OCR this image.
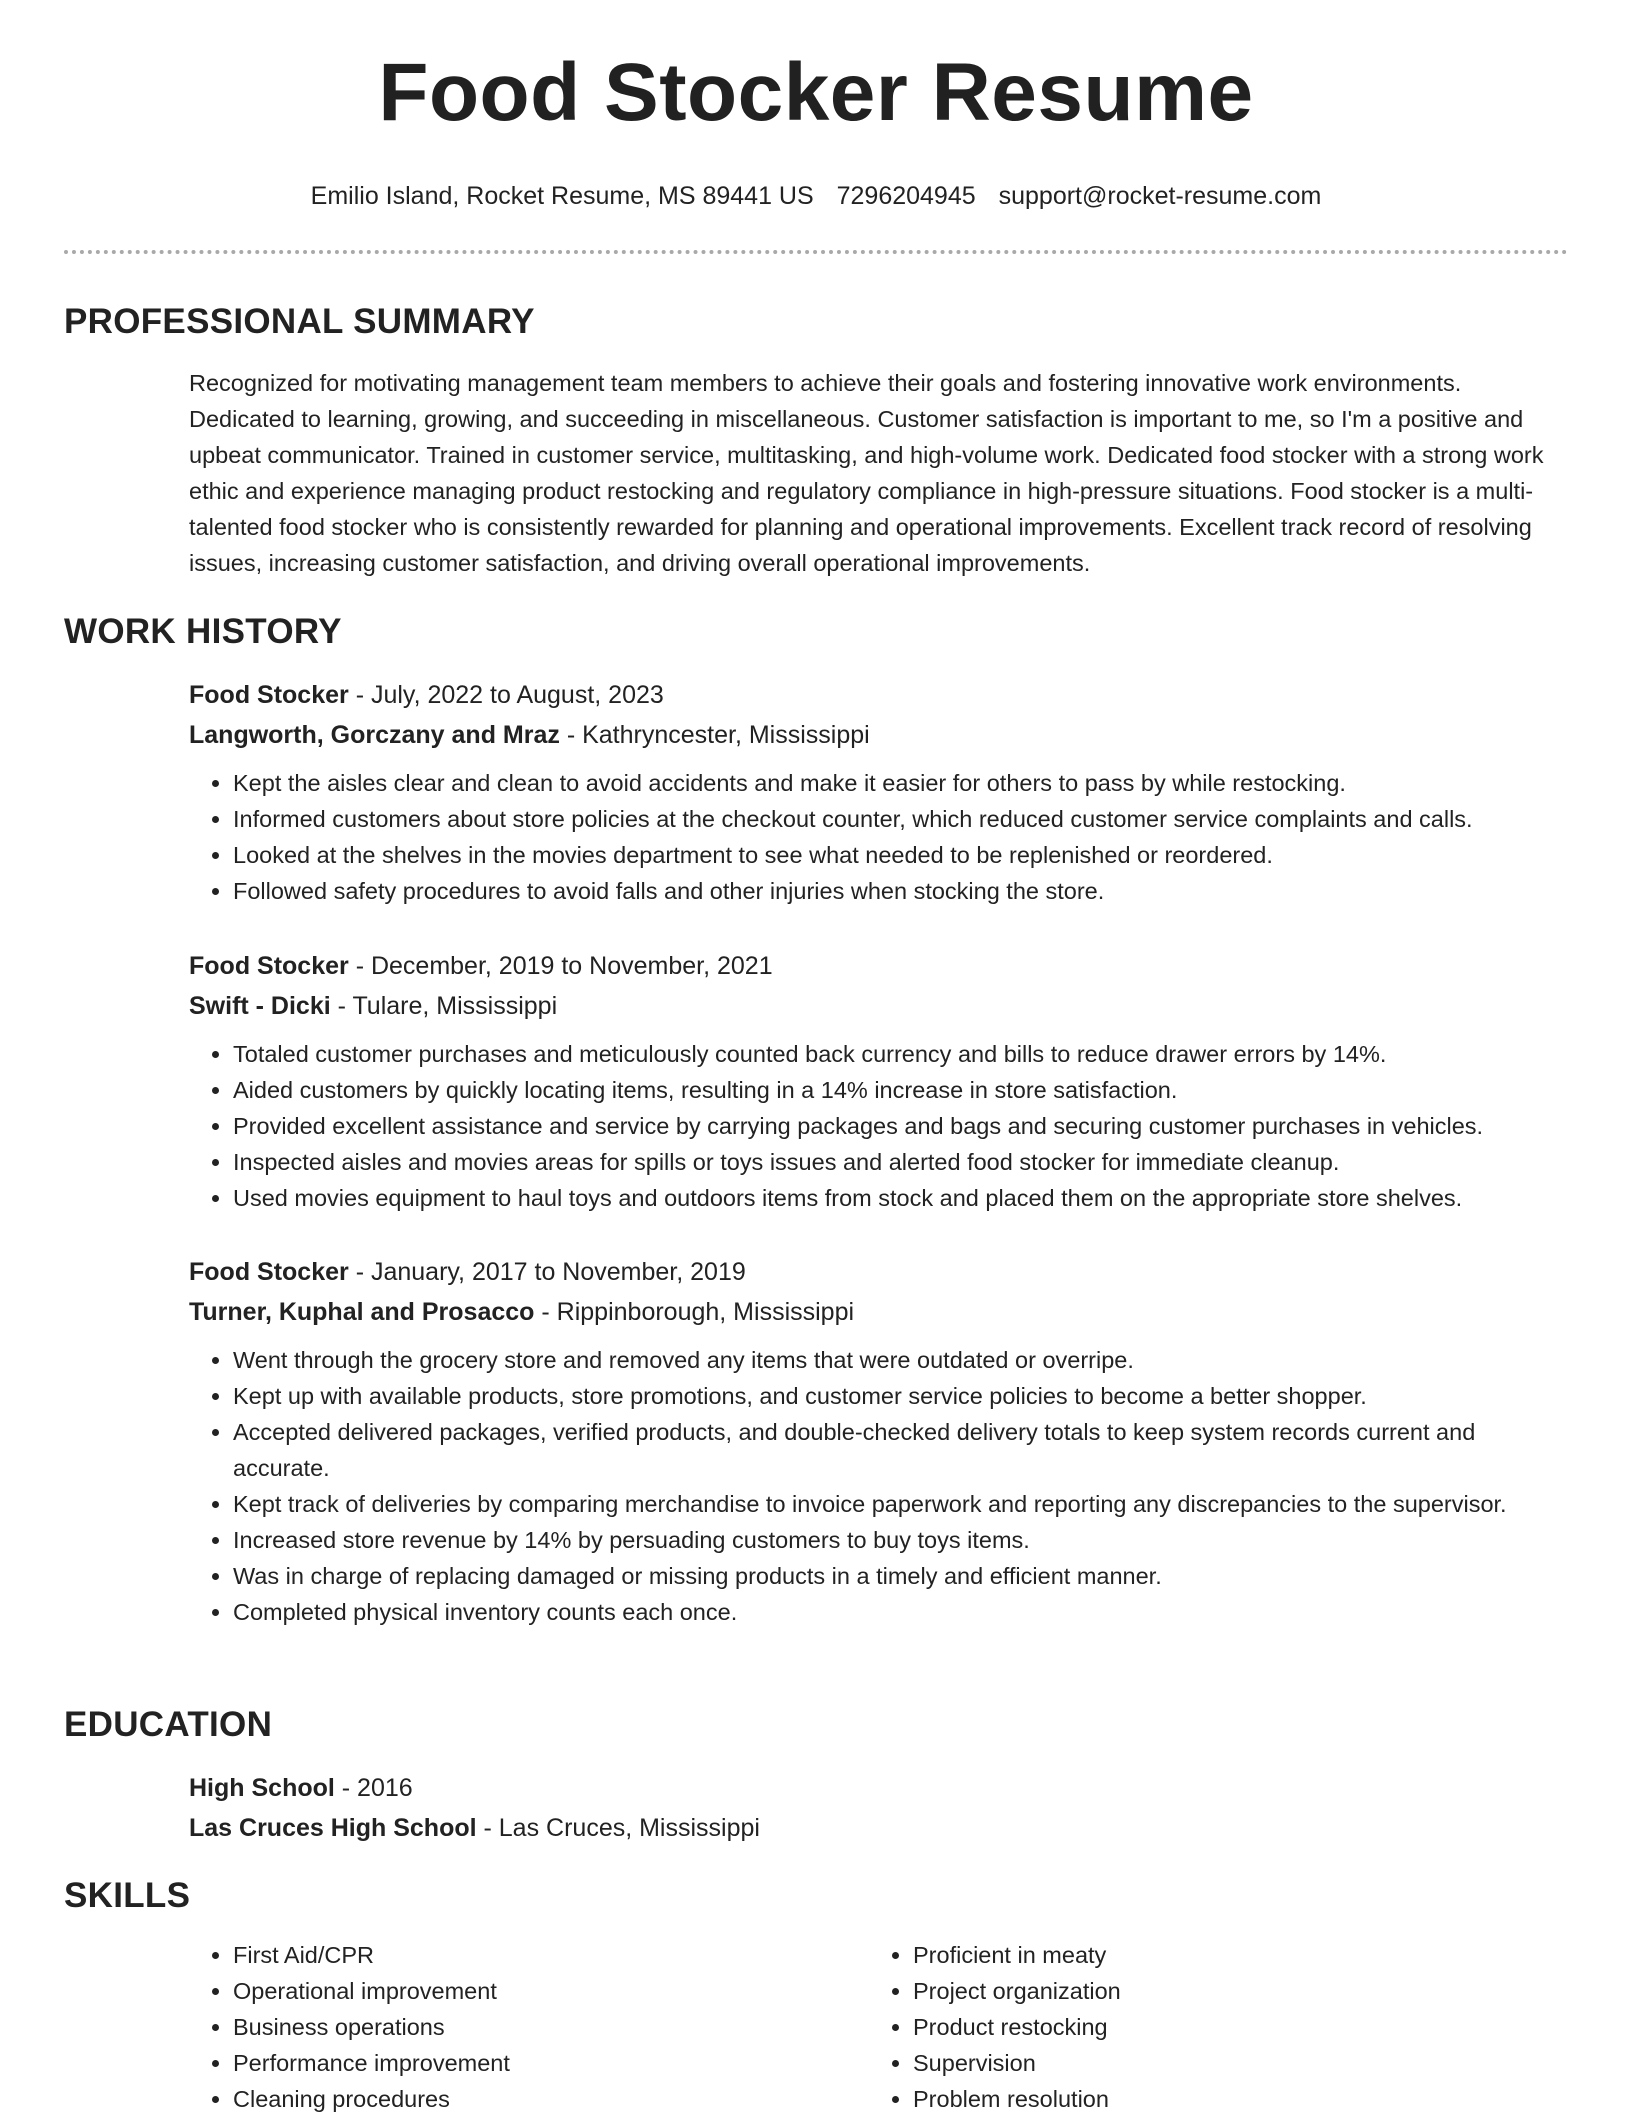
Food Stocker Resume
Emilio Island, Rocket Resume, MS 89441 US 7296204945 support@rocket-resume.com
PROFESSIONAL SUMMARY
Recognized for motivating management team members to achieve their goals and fostering innovative work environments. Dedicated to learning, growing, and succeeding in miscellaneous. Customer satisfaction is important to me, so I'm a positive and upbeat communicator. Trained in customer service, multitasking, and high-volume work. Dedicated food stocker with a strong work ethic and experience managing product restocking and regulatory compliance in high-pressure situations. Food stocker is a multi-talented food stocker who is consistently rewarded for planning and operational improvements. Excellent track record of resolving issues, increasing customer satisfaction, and driving overall operational improvements.
WORK HISTORY
Food Stocker - July, 2022 to August, 2023
Langworth, Gorczany and Mraz - Kathryncester, Mississippi
• Kept the aisles clear and clean to avoid accidents and make it easier for others to pass by while restocking.
• Informed customers about store policies at the checkout counter, which reduced customer service complaints and calls.
• Looked at the shelves in the movies department to see what needed to be replenished or reordered.
• Followed safety procedures to avoid falls and other injuries when stocking the store.
Food Stocker - December, 2019 to November, 2021
Swift - Dicki - Tulare, Mississippi
• Totaled customer purchases and meticulously counted back currency and bills to reduce drawer errors by 14%.
• Aided customers by quickly locating items, resulting in a 14% increase in store satisfaction.
• Provided excellent assistance and service by carrying packages and bags and securing customer purchases in vehicles.
• Inspected aisles and movies areas for spills or toys issues and alerted food stocker for immediate cleanup.
• Used movies equipment to haul toys and outdoors items from stock and placed them on the appropriate store shelves.
Food Stocker - January, 2017 to November, 2019
Turner, Kuphal and Prosacco - Rippinborough, Mississippi
• Went through the grocery store and removed any items that were outdated or overripe.
• Kept up with available products, store promotions, and customer service policies to become a better shopper.
• Accepted delivered packages, verified products, and double-checked delivery totals to keep system records current and accurate.
• Kept track of deliveries by comparing merchandise to invoice paperwork and reporting any discrepancies to the supervisor.
• Increased store revenue by 14% by persuading customers to buy toys items.
• Was in charge of replacing damaged or missing products in a timely and efficient manner.
• Completed physical inventory counts each once.
EDUCATION
High School - 2016
Las Cruces High School - Las Cruces, Mississippi
SKILLS
• First Aid/CPR
• Operational improvement
• Business operations
• Performance improvement
• Cleaning procedures
• Proficient in meaty
• Project organization
• Product restocking
• Supervision
• Problem resolution
